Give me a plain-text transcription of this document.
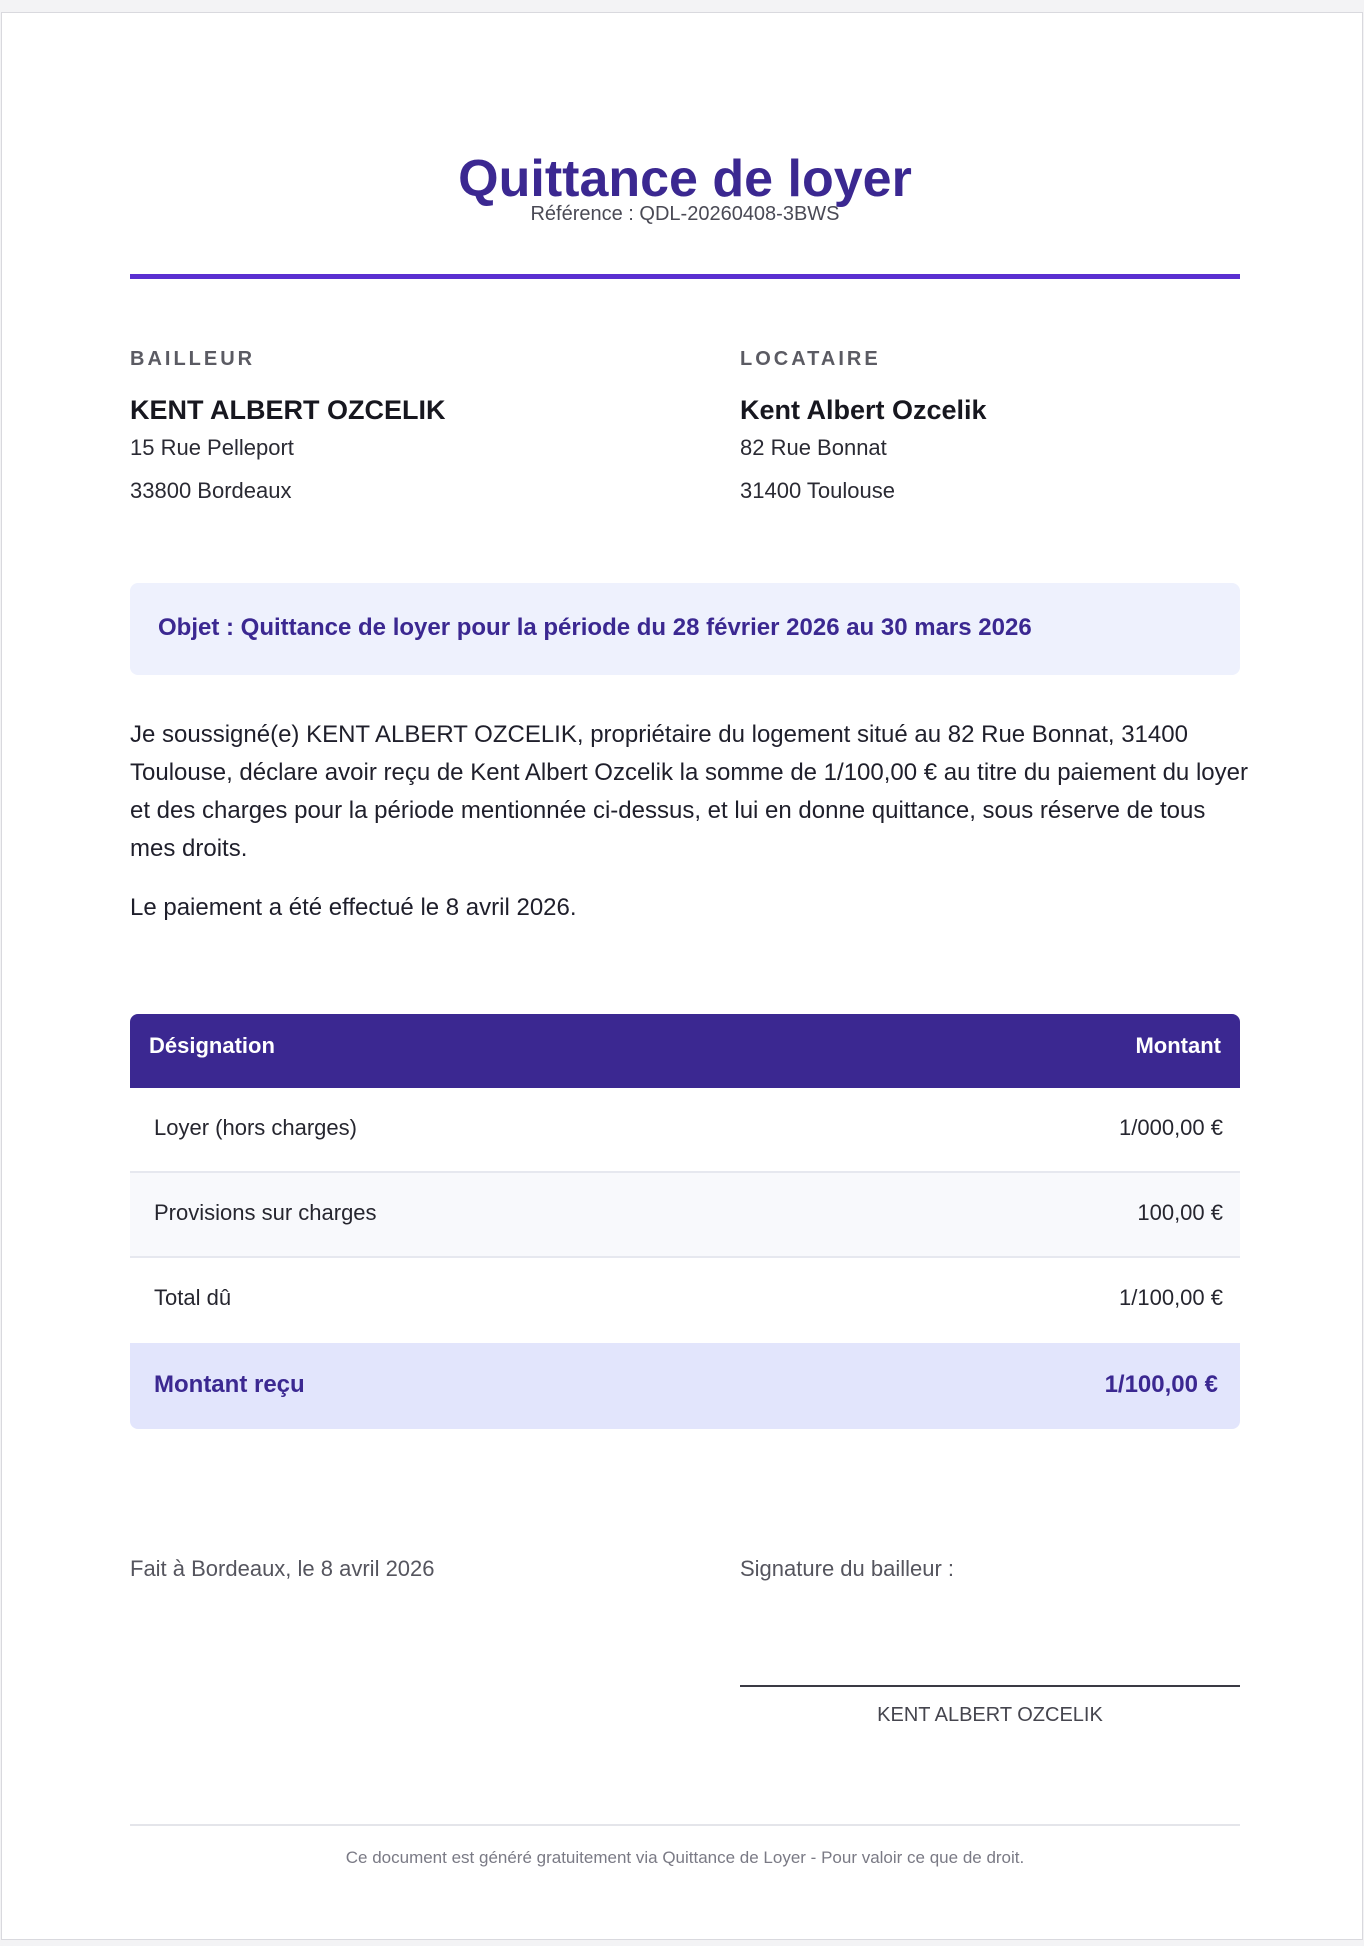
Quittance de loyer
Référence : QDL-20260408-3BWS
BAILLEUR
KENT ALBERT OZCELIK
15 Rue Pelleport
33800 Bordeaux
LOCATAIRE
Kent Albert Ozcelik
82 Rue Bonnat
31400 Toulouse
Objet : Quittance de loyer pour la période du 28 février 2026 au 30 mars 2026

Je soussigné(e) KENT ALBERT OZCELIK, propriétaire du logement situé au 82 Rue Bonnat, 31400 Toulouse, déclare avoir reçu de Kent Albert Ozcelik la somme de 1/100,00 € au titre du paiement du loyer et des charges pour la période mentionnée ci-dessus, et lui en donne quittance, sous réserve de tous mes droits.

Le paiement a été effectué le 8 avril 2026.

Désignation	Montant
Loyer (hors charges)	1/000,00 €
Provisions sur charges	100,00 €
Total dû	1/100,00 €
Montant reçu	1/100,00 €
Fait à Bordeaux, le 8 avril 2026	Signature du bailleur :
KENT ALBERT OZCELIK
Ce document est généré gratuitement via Quittance de Loyer - Pour valoir ce que de droit.
